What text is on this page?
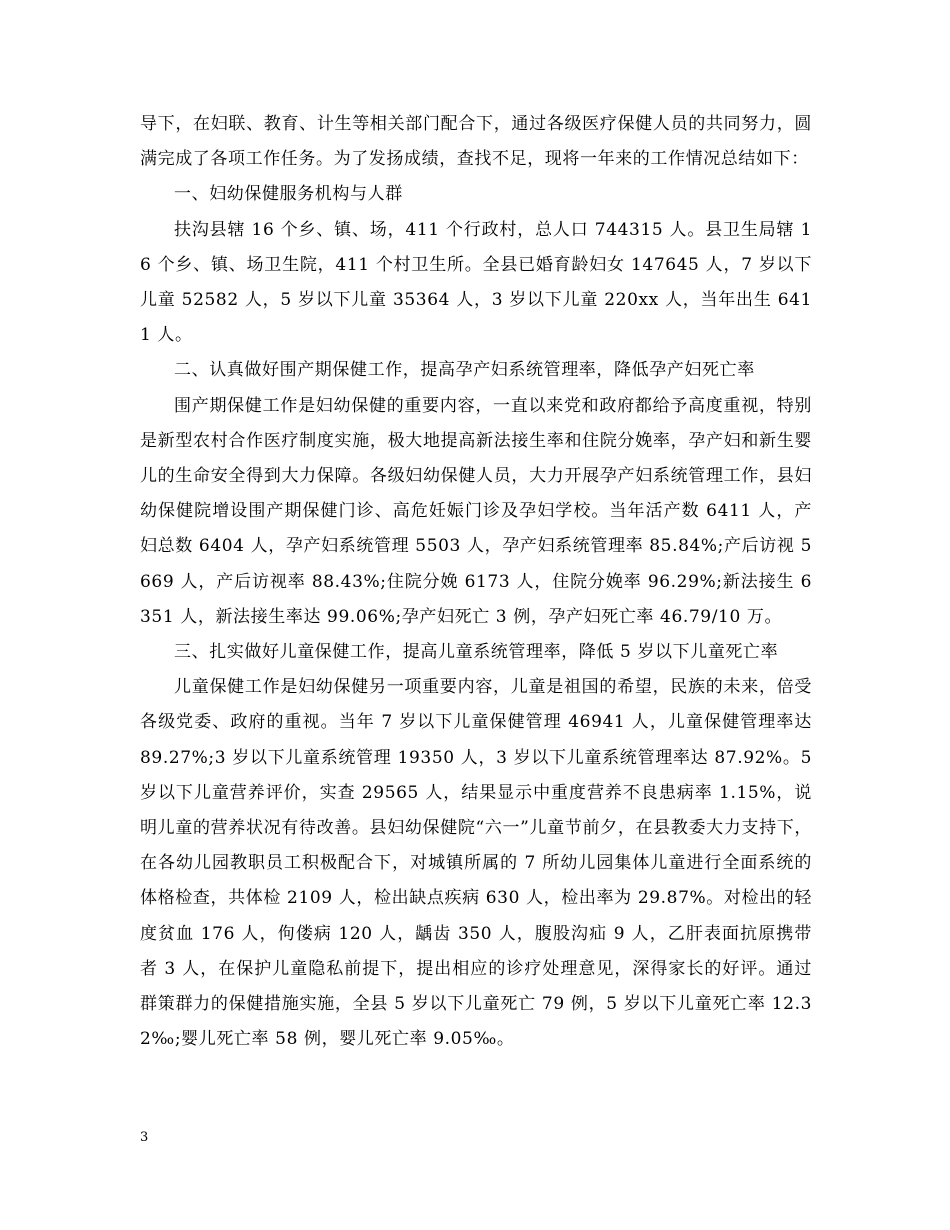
导下，在妇联、教育、计生等相关部门配合下，通过各级医疗保健人员的共同努力，圆满完成了各项工作任务。为了发扬成绩，查找不足，现将一年来的工作情况总结如下：

一、妇幼保健服务机构与人群

扶沟县辖 16 个乡、镇、场，411 个行政村，总人口 744315 人。县卫生局辖 16 个乡、镇、场卫生院，411 个村卫生所。全县已婚育龄妇女 147645 人，7 岁以下儿童 52582 人，5 岁以下儿童 35364 人，3 岁以下儿童 220xx 人，当年出生 6411 人。

二、认真做好围产期保健工作，提高孕产妇系统管理率，降低孕产妇死亡率

围产期保健工作是妇幼保健的重要内容，一直以来党和政府都给予高度重视，特别是新型农村合作医疗制度实施，极大地提高新法接生率和住院分娩率，孕产妇和新生婴儿的生命安全得到大力保障。各级妇幼保健人员，大力开展孕产妇系统管理工作，县妇幼保健院增设围产期保健门诊、高危妊娠门诊及孕妇学校。当年活产数 6411 人，产妇总数 6404 人，孕产妇系统管理 5503 人，孕产妇系统管理率 85.84%;产后访视 5669 人，产后访视率 88.43%;住院分娩 6173 人，住院分娩率 96.29%;新法接生 6351 人，新法接生率达 99.06%;孕产妇死亡 3 例，孕产妇死亡率 46.79/10 万。

三、扎实做好儿童保健工作，提高儿童系统管理率，降低 5 岁以下儿童死亡率

儿童保健工作是妇幼保健另一项重要内容，儿童是祖国的希望，民族的未来，倍受各级党委、政府的重视。当年 7 岁以下儿童保健管理 46941 人，儿童保健管理率达 89.27%;3 岁以下儿童系统管理 19350 人，3 岁以下儿童系统管理率达 87.92%。5 岁以下儿童营养评价，实查 29565 人，结果显示中重度营养不良患病率 1.15%，说明儿童的营养状况有待改善。县妇幼保健院“六一”儿童节前夕，在县教委大力支持下，在各幼儿园教职员工积极配合下，对城镇所属的 7 所幼儿园集体儿童进行全面系统的体格检查，共体检 2109 人，检出缺点疾病 630 人，检出率为 29.87%。对检出的轻度贫血 176 人，佝偻病 120 人，龋齿 350 人，腹股沟疝 9 人，乙肝表面抗原携带者 3 人，在保护儿童隐私前提下，提出相应的诊疗处理意见，深得家长的好评。通过群策群力的保健措施实施，全县 5 岁以下儿童死亡 79 例，5 岁以下儿童死亡率 12.32‰;婴儿死亡率 58 例，婴儿死亡率 9.05‰。

3
